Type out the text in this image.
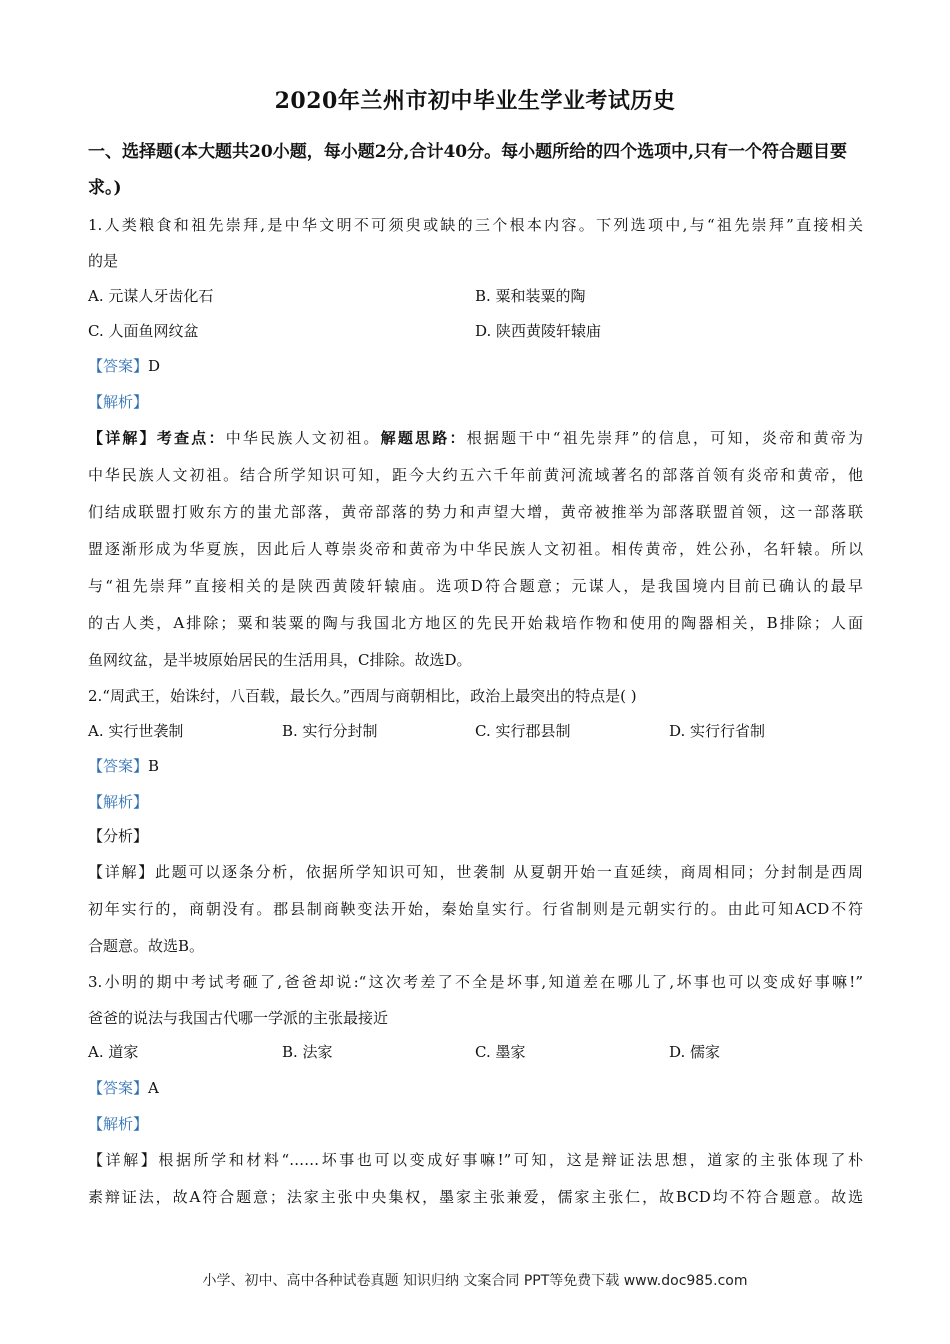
2020年兰州市初中毕业生学业考试历史
一、选择题(本大题共20小题，每小题2分,合计40分。每小题所给的四个选项中,只有一个符合题目要求。)
1.人类粮食和祖先崇拜,是中华文明不可须臾或缺的三个根本内容。下列选项中,与“祖先崇拜”直接相关
的是
A. 元谋人牙齿化石	B. 粟和装粟的陶
C. 人面鱼网纹盆	D. 陕西黄陵轩辕庙
【答案】D
【解析】
【详解】考查点：中华民族人文初祖。解题思路：根据题干中“祖先崇拜”的信息，可知，炎帝和黄帝为
中华民族人文初祖。结合所学知识可知，距今大约五六千年前黄河流域著名的部落首领有炎帝和黄帝，他
们结成联盟打败东方的蚩尤部落，黄帝部落的势力和声望大增，黄帝被推举为部落联盟首领，这一部落联
盟逐渐形成为华夏族，因此后人尊崇炎帝和黄帝为中华民族人文初祖。相传黄帝，姓公孙，名轩辕。所以
与“祖先崇拜”直接相关的是陕西黄陵轩辕庙。选项D符合题意；元谋人，是我国境内目前已确认的最早
的古人类，A排除；粟和装粟的陶与我国北方地区的先民开始栽培作物和使用的陶器相关，B排除；人面
鱼网纹盆，是半坡原始居民的生活用具，C排除。故选D。
2.“周武王，始诛纣，八百载，最长久。”西周与商朝相比，政治上最突出的特点是( )
A. 实行世袭制	B. 实行分封制	C. 实行郡县制	D. 实行行省制
【答案】B
【解析】
【分析】
【详解】此题可以逐条分析，依据所学知识可知，世袭制 从夏朝开始一直延续，商周相同；分封制是西周
初年实行的，商朝没有。郡县制商鞅变法开始，秦始皇实行。行省制则是元朝实行的。由此可知ACD不符
合题意。故选B。
3.小明的期中考试考砸了,爸爸却说:“这次考差了不全是坏事,知道差在哪儿了,坏事也可以变成好事嘛!”
爸爸的说法与我国古代哪一学派的主张最接近
A. 道家	B. 法家	C. 墨家	D. 儒家
【答案】A
【解析】
【详解】根据所学和材料“……坏事也可以变成好事嘛!”可知，这是辩证法思想，道家的主张体现了朴
素辩证法，故A符合题意；法家主张中央集权，墨家主张兼爱，儒家主张仁，故BCD均不符合题意。故选
小学、初中、高中各种试卷真题 知识归纳 文案合同 PPT等免费下载 www.doc985.com
